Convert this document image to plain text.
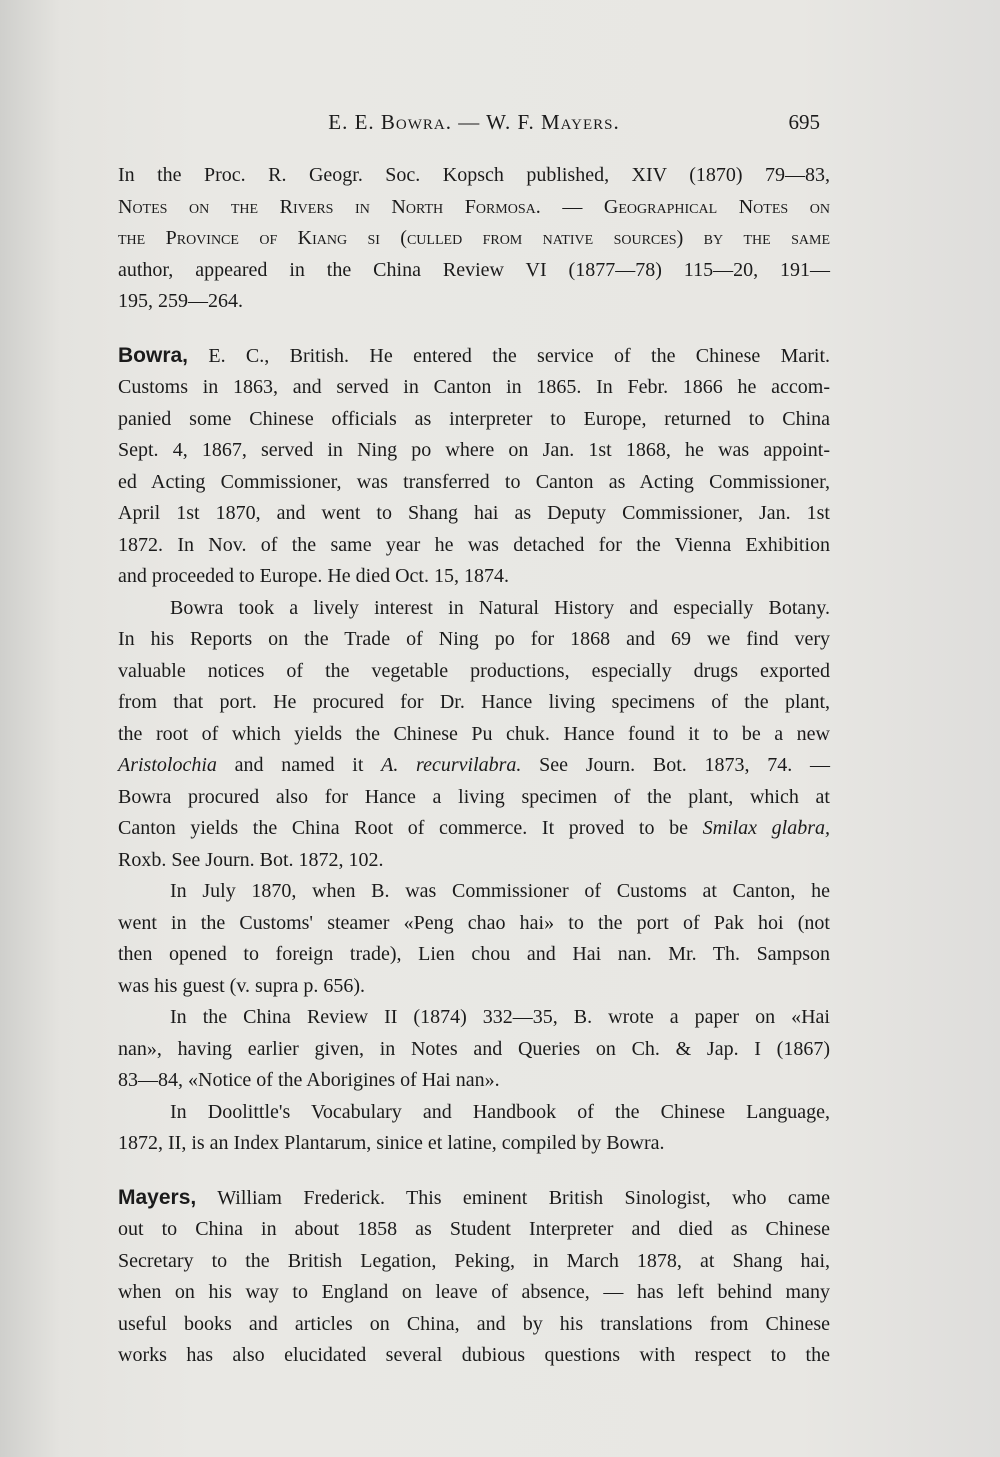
E. E. Bowra. — W. F. Mayers.	695
In the Proc. R. Geogr. Soc. Kopsch published, XIV (1870) 79—83,
Notes on the Rivers in North Formosa. — Geographical Notes on
the Province of Kiang si (culled from native sources) by the same
author, appeared in the China Review VI (1877—78) 115—20, 191—
195, 259—264.
Bowra, E. C., British. He entered the service of the Chinese Marit.
Customs in 1863, and served in Canton in 1865. In Febr. 1866 he accom-
panied some Chinese officials as interpreter to Europe, returned to China
Sept. 4, 1867, served in Ning po where on Jan. 1st 1868, he was appoint-
ed Acting Commissioner, was transferred to Canton as Acting Commissioner,
April 1st 1870, and went to Shang hai as Deputy Commissioner, Jan. 1st
1872. In Nov. of the same year he was detached for the Vienna Exhibition
and proceeded to Europe. He died Oct. 15, 1874.
Bowra took a lively interest in Natural History and especially Botany.
In his Reports on the Trade of Ning po for 1868 and 69 we find very
valuable notices of the vegetable productions, especially drugs exported
from that port. He procured for Dr. Hance living specimens of the plant,
the root of which yields the Chinese Pu chuk. Hance found it to be a new
Aristolochia and named it A. recurvilabra. See Journ. Bot. 1873, 74. —
Bowra procured also for Hance a living specimen of the plant, which at
Canton yields the China Root of commerce. It proved to be Smilax glabra,
Roxb. See Journ. Bot. 1872, 102.
In July 1870, when B. was Commissioner of Customs at Canton, he
went in the Customs' steamer «Peng chao hai» to the port of Pak hoi (not
then opened to foreign trade), Lien chou and Hai nan. Mr. Th. Sampson
was his guest (v. supra p. 656).
In the China Review II (1874) 332—35, B. wrote a paper on «Hai
nan», having earlier given, in Notes and Queries on Ch. & Jap. I (1867)
83—84, «Notice of the Aborigines of Hai nan».
In Doolittle's Vocabulary and Handbook of the Chinese Language,
1872, II, is an Index Plantarum, sinice et latine, compiled by Bowra.
Mayers, William Frederick. This eminent British Sinologist, who came
out to China in about 1858 as Student Interpreter and died as Chinese
Secretary to the British Legation, Peking, in March 1878, at Shang hai,
when on his way to England on leave of absence, — has left behind many
useful books and articles on China, and by his translations from Chinese
works has also elucidated several dubious questions with respect to the
